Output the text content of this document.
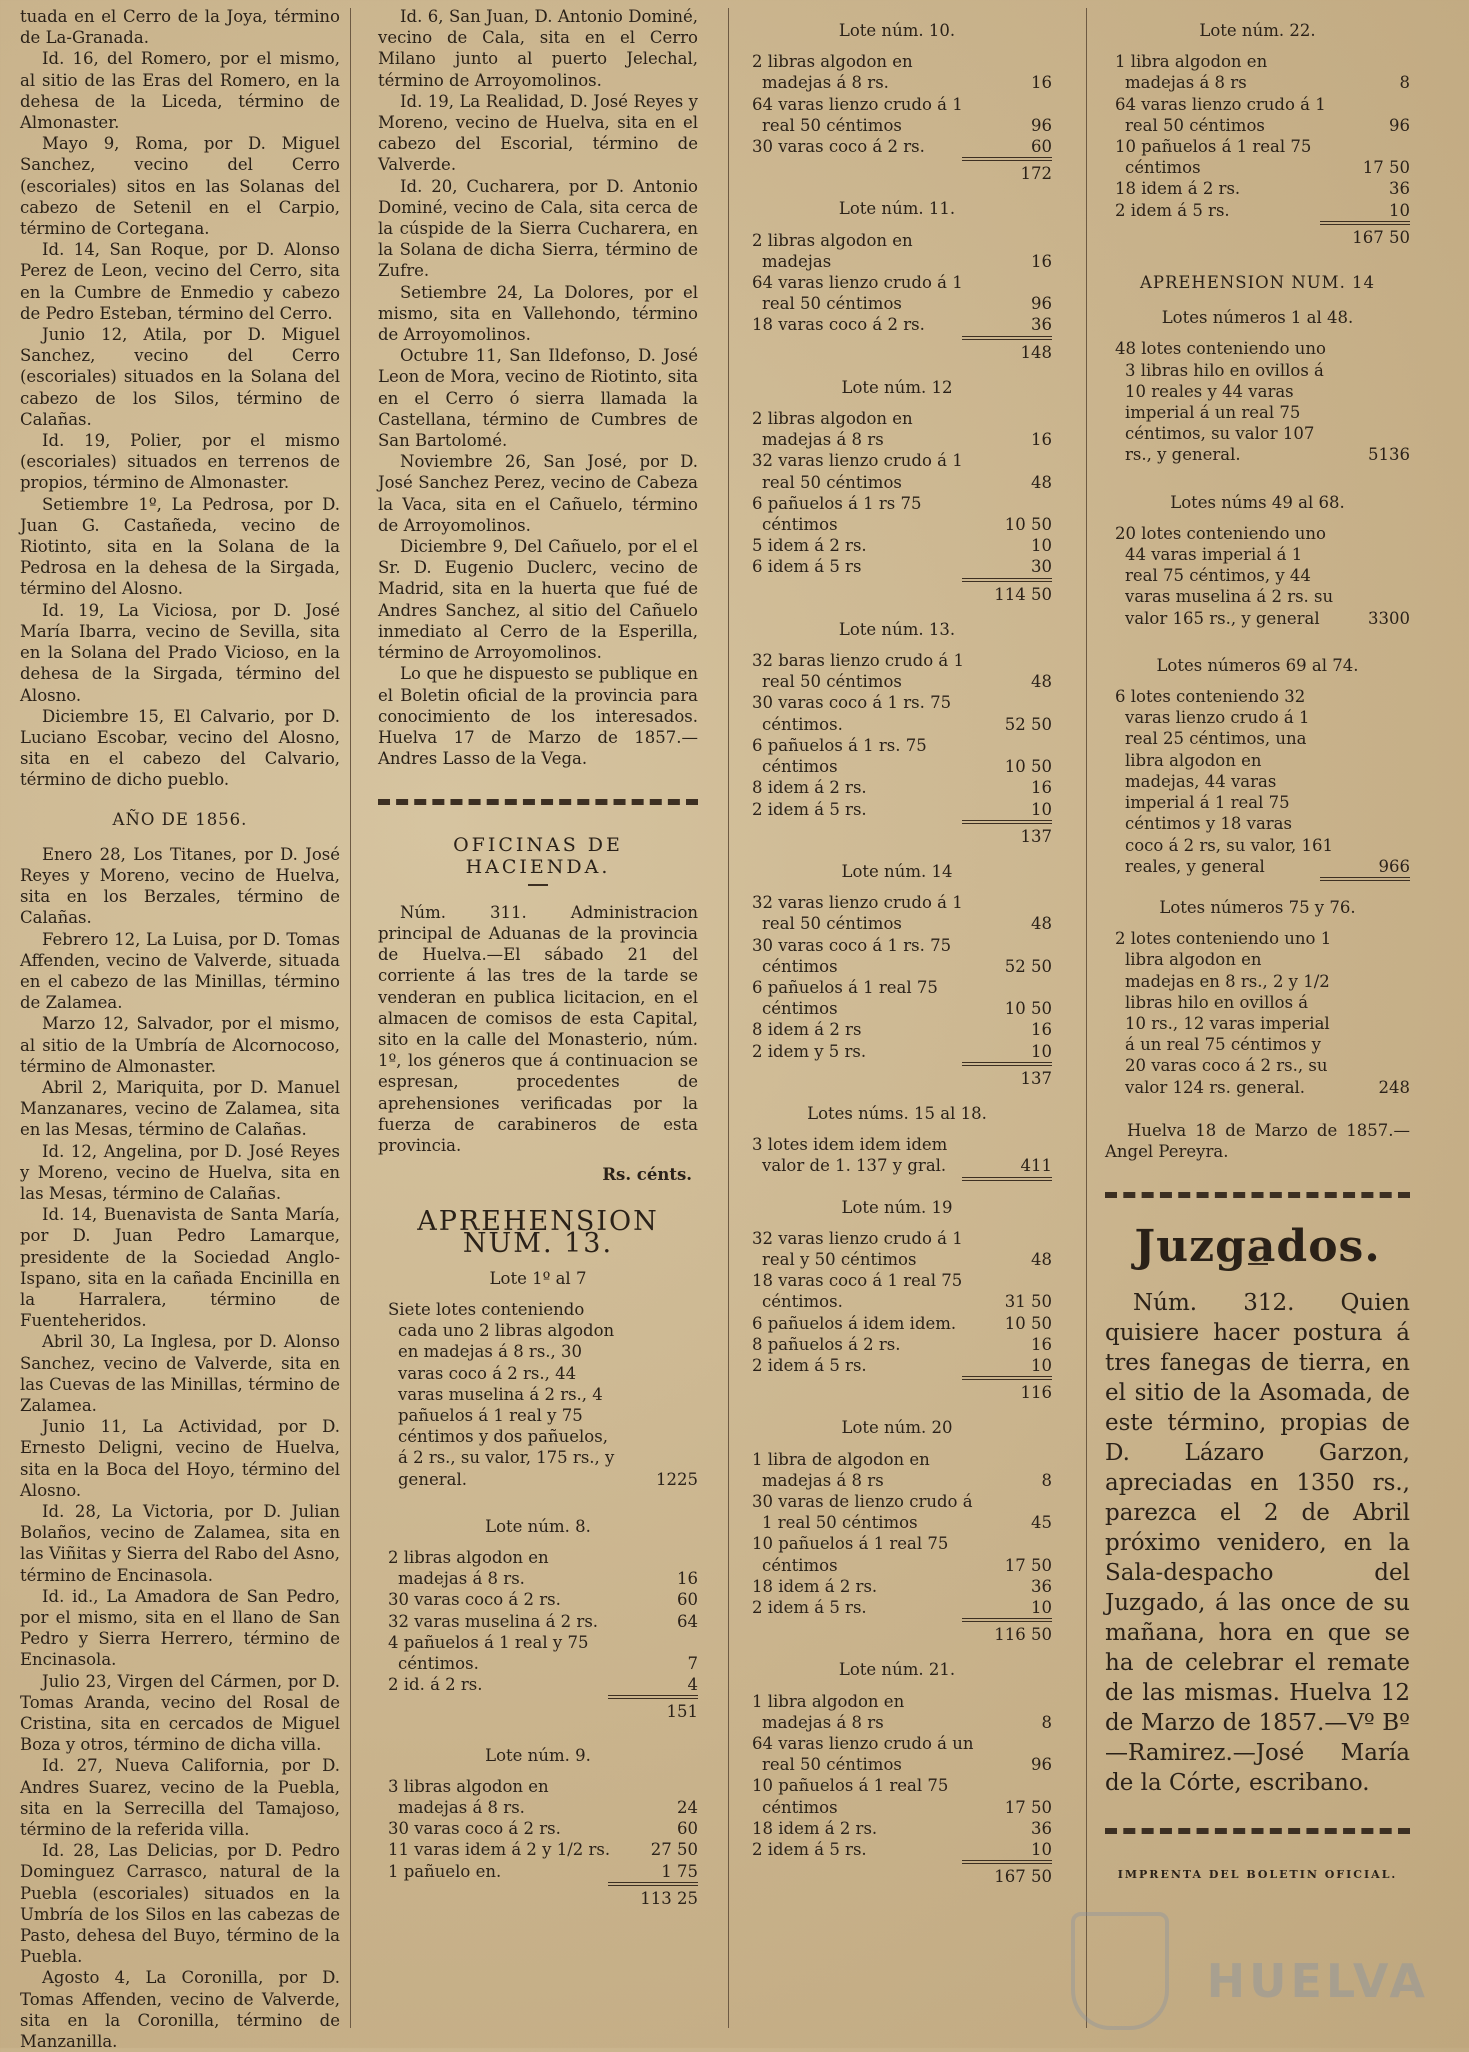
tuada en el Cerro de la Joya, término de La-Granada.

Id. 16, del Romero, por el mismo, al sitio de las Eras del Romero, en la dehesa de la Liceda, término de Almonaster.

Mayo 9, Roma, por D. Miguel Sanchez, vecino del Cerro (escoriales) sitos en las Solanas del cabezo de Setenil en el Carpio, término de Cortegana.

Id. 14, San Roque, por D. Alonso Perez de Leon, vecino del Cerro, sita en la Cumbre de Enmedio y cabezo de Pedro Esteban, término del Cerro.

Junio 12, Atila, por D. Miguel Sanchez, vecino del Cerro (escoriales) situados en la Solana del cabezo de los Silos, término de Calañas.

Id. 19, Polier, por el mismo (escoriales) situados en terrenos de propios, término de Almonaster.

Setiembre 1º, La Pedrosa, por D. Juan G. Castañeda, vecino de Riotinto, sita en la Solana de la Pedrosa en la dehesa de la Sirgada, término del Alosno.

Id. 19, La Viciosa, por D. José María Ibarra, vecino de Sevilla, sita en la Solana del Prado Vicioso, en la dehesa de la Sirgada, término del Alosno.

Diciembre 15, El Calvario, por D. Luciano Escobar, vecino del Alosno, sita en el cabezo del Calvario, término de dicho pueblo.

AÑO DE 1856.

Enero 28, Los Titanes, por D. José Reyes y Moreno, vecino de Huelva, sita en los Berzales, término de Calañas.

Febrero 12, La Luisa, por D. Tomas Affenden, vecino de Valverde, situada en el cabezo de las Minillas, término de Zalamea.

Marzo 12, Salvador, por el mismo, al sitio de la Umbría de Alcornocoso, término de Almonaster.

Abril 2, Mariquita, por D. Manuel Manzanares, vecino de Zalamea, sita en las Mesas, término de Calañas.

Id. 12, Angelina, por D. José Reyes y Moreno, vecino de Huelva, sita en las Mesas, término de Calañas.

Id. 14, Buenavista de Santa María, por D. Juan Pedro Lamarque, presidente de la Sociedad Anglo-Ispano, sita en la cañada Encinilla en la Harralera, término de Fuenteheridos.

Abril 30, La Inglesa, por D. Alonso Sanchez, vecino de Valverde, sita en las Cuevas de las Minillas, término de Zalamea.

Junio 11, La Actividad, por D. Ernesto Deligni, vecino de Huelva, sita en la Boca del Hoyo, término del Alosno.

Id. 28, La Victoria, por D. Julian Bolaños, vecino de Zalamea, sita en las Viñitas y Sierra del Rabo del Asno, término de Encinasola.

Id. id., La Amadora de San Pedro, por el mismo, sita en el llano de San Pedro y Sierra Herrero, término de Encinasola.

Julio 23, Virgen del Cármen, por D. Tomas Aranda, vecino del Rosal de Cristina, sita en cercados de Miguel Boza y otros, término de dicha villa.

Id. 27, Nueva California, por D. Andres Suarez, vecino de la Puebla, sita en la Serrecilla del Tamajoso, término de la referida villa.

Id. 28, Las Delicias, por D. Pedro Dominguez Carrasco, natural de la Puebla (escoriales) situados en la Umbría de los Silos en las cabezas de Pasto, dehesa del Buyo, término de la Puebla.

Agosto 4, La Coronilla, por D. Tomas Affenden, vecino de Valverde, sita en la Coronilla, término de Manzanilla.

Id. 6, San Juan, D. Antonio Dominé, vecino de Cala, sita en el Cerro Milano junto al puerto Jelechal, término de Arroyomolinos.

Id. 19, La Realidad, D. José Reyes y Moreno, vecino de Huelva, sita en el cabezo del Escorial, término de Valverde.

Id. 20, Cucharera, por D. Antonio Dominé, vecino de Cala, sita cerca de la cúspide de la Sierra Cucharera, en la Solana de dicha Sierra, término de Zufre.

Setiembre 24, La Dolores, por el mismo, sita en Vallehondo, término de Arroyomolinos.

Octubre 11, San Ildefonso, D. José Leon de Mora, vecino de Riotinto, sita en el Cerro ó sierra llamada la Castellana, término de Cumbres de San Bartolomé.

Noviembre 26, San José, por D. José Sanchez Perez, vecino de Cabeza la Vaca, sita en el Cañuelo, término de Arroyomolinos.

Diciembre 9, Del Cañuelo, por el el Sr. D. Eugenio Duclerc, vecino de Madrid, sita en la huerta que fué de Andres Sanchez, al sitio del Cañuelo inmediato al Cerro de la Esperilla, término de Arroyomolinos.

Lo que he dispuesto se publique en el Boletin oficial de la provincia para conocimiento de los interesados. Huelva 17 de Marzo de 1857.—Andres Lasso de la Vega.

OFICINAS DE HACIENDA.

Núm. 311. Administracion principal de Aduanas de la provincia de Huelva.—El sábado 21 del corriente á las tres de la tarde se venderan en publica licitacion, en el almacen de comisos de esta Capital, sito en la calle del Monasterio, núm. 1º, los géneros que á continuacion se espresan, procedentes de aprehensiones verificadas por la fuerza de carabineros de esta provincia.

Rs. cénts.
APREHENSION NUM. 13.
Lote 1º al 7
Siete lotes conteniendo cada uno 2 libras algodon en madejas á 8 rs., 30 varas coco á 2 rs., 44 varas muselina á 2 rs., 4 pañuelos á 1 real y 75 céntimos y dos pañuelos, á 2 rs., su valor, 175 rs., y general.	1225
Lote núm. 8.
2 libras algodon en madejas á 8 rs.	16
30 varas coco á 2 rs.	60
32 varas muselina á 2 rs.	64
4 pañuelos á 1 real y 75 céntimos.	7
2 id. á 2 rs.	4
151
Lote núm. 9.
3 libras algodon en madejas á 8 rs.	24
30 varas coco á 2 rs.	60
11 varas idem á 2 y 1/2 rs.	27 50
1 pañuelo en.	1 75
113 25
Lote núm. 10.
2 libras algodon en madejas á 8 rs.	16
64 varas lienzo crudo á 1 real 50 céntimos	96
30 varas coco á 2 rs.	60
172
Lote núm. 11.
2 libras algodon en madejas	16
64 varas lienzo crudo á 1 real 50 céntimos	96
18 varas coco á 2 rs.	36
148
Lote núm. 12
2 libras algodon en madejas á 8 rs	16
32 varas lienzo crudo á 1 real 50 céntimos	48
6 pañuelos á 1 rs 75 céntimos	10 50
5 idem á 2 rs.	10
6 idem á 5 rs	30
114 50
Lote núm. 13.
32 baras lienzo crudo á 1 real 50 céntimos	48
30 varas coco á 1 rs. 75 céntimos.	52 50
6 pañuelos á 1 rs. 75 céntimos	10 50
8 idem á 2 rs.	16
2 idem á 5 rs.	10
137
Lote núm. 14
32 varas lienzo crudo á 1 real 50 céntimos	48
30 varas coco á 1 rs. 75 céntimos	52 50
6 pañuelos á 1 real 75 céntimos	10 50
8 idem á 2 rs	16
2 idem y 5 rs.	10
137
Lotes núms. 15 al 18.
3 lotes idem idem idem valor de 1. 137 y gral.	411
Lote núm. 19
32 varas lienzo crudo á 1 real y 50 céntimos	48
18 varas coco á 1 real 75 céntimos.	31 50
6 pañuelos á idem idem.	10 50
8 pañuelos á 2 rs.	16
2 idem á 5 rs.	10
116
Lote núm. 20
1 libra de algodon en madejas á 8 rs	8
30 varas de lienzo crudo á 1 real 50 céntimos	45
10 pañuelos á 1 real 75 céntimos	17 50
18 idem á 2 rs.	36
2 idem á 5 rs.	10
116 50
Lote núm. 21.
1 libra algodon en madejas á 8 rs	8
64 varas lienzo crudo á un real 50 céntimos	96
10 pañuelos á 1 real 75 céntimos	17 50
18 idem á 2 rs.	36
2 idem á 5 rs.	10
167 50
Lote núm. 22.
1 libra algodon en madejas á 8 rs	8
64 varas lienzo crudo á 1 real 50 céntimos	96
10 pañuelos á 1 real 75 céntimos	17 50
18 idem á 2 rs.	36
2 idem á 5 rs.	10
167 50
APREHENSION NUM. 14
Lotes números 1 al 48.
48 lotes conteniendo uno 3 libras hilo en ovillos á 10 reales y 44 varas imperial á un real 75 céntimos, su valor 107 rs., y general.	5136
Lotes núms 49 al 68.
20 lotes conteniendo uno 44 varas imperial á 1 real 75 céntimos, y 44 varas muselina á 2 rs. su valor 165 rs., y general	3300
Lotes números 69 al 74.
6 lotes conteniendo 32 varas lienzo crudo á 1 real 25 céntimos, una libra algodon en madejas, 44 varas imperial á 1 real 75 céntimos y 18 varas coco á 2 rs, su valor, 161 reales, y general	966
Lotes números 75 y 76.
2 lotes conteniendo uno 1 libra algodon en madejas en 8 rs., 2 y 1/2 libras hilo en ovillos á 10 rs., 12 varas imperial á un real 75 céntimos y 20 varas coco á 2 rs., su valor 124 rs. general.	248

Huelva 18 de Marzo de 1857.—Angel Pereyra.

Juzgados.

Núm. 312. Quien quisiere hacer postura á tres fanegas de tierra, en el sitio de la Asomada, de este término, propias de D. Lázaro Garzon, apreciadas en 1350 rs., parezca el 2 de Abril próximo venidero, en la Sala-despacho del Juzgado, á las once de su mañana, hora en que se ha de celebrar el remate de las mismas. Huelva 12 de Marzo de 1857.—Vº Bº—Ramirez.—José María de la Córte, escribano.

IMPRENTA DEL BOLETIN OFICIAL.
HUELVA
